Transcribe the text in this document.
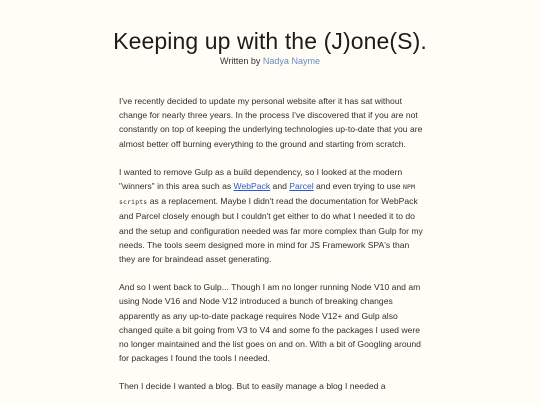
Keeping up with the (J)one(S).
Written by Nadya Nayme

I've recently decided to update my personal website after it has sat without change for nearly three years. In the process I've discovered that if you are not constantly on top of keeping the underlying technologies up-to-date that you are almost better off burning everything to the ground and starting from scratch.

I wanted to remove Gulp as a build dependency, so I looked at the modern "winners" in this area such as WebPack and Parcel and even trying to use NPM scripts as a replacement. Maybe I didn't read the documentation for WebPack and Parcel closely enough but I couldn't get either to do what I needed it to do and the setup and configuration needed was far more complex than Gulp for my needs. The tools seem designed more in mind for JS Framework SPA's than they are for braindead asset generating.

And so I went back to Gulp... Though I am no longer running Node V10 and am using Node V16 and Node V12 introduced a bunch of breaking changes apparently as any up-to-date package requires Node V12+ and Gulp also changed quite a bit going from V3 to V4 and some fo the packages I used were no longer maintained and the list goes on and on. With a bit of Googling around for packages I found the tools I needed.

Then I decide I wanted a blog. But to easily manage a blog I needed a
